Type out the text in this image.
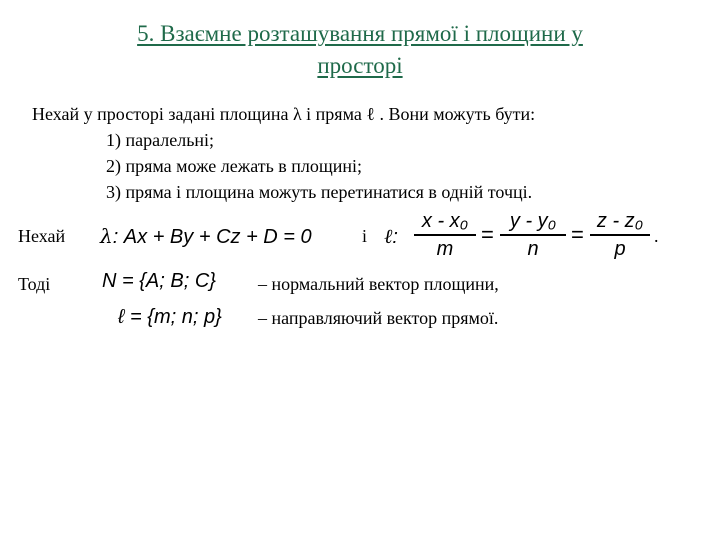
5. Взаємне розташування прямої і площини у
просторі
Нехай у просторі задані площина λ і пряма ℓ . Вони можуть бути:
1) паралельні;
2) пряма може лежать в площині;
3) пряма і площина можуть перетинатися в одній точці.
Нехай λ: Ax + By + Cz + D = 0	і ℓ: $\frac{\text{x - x₀}}{m} = \frac{\text{y - y₀}}{n} = \frac{\text{z - z₀}}{p}$ .
Тоді	N = {A; B; C} – нормальний вектор площини,
ℓ = {m; n; p} – направляючий вектор прямої.
